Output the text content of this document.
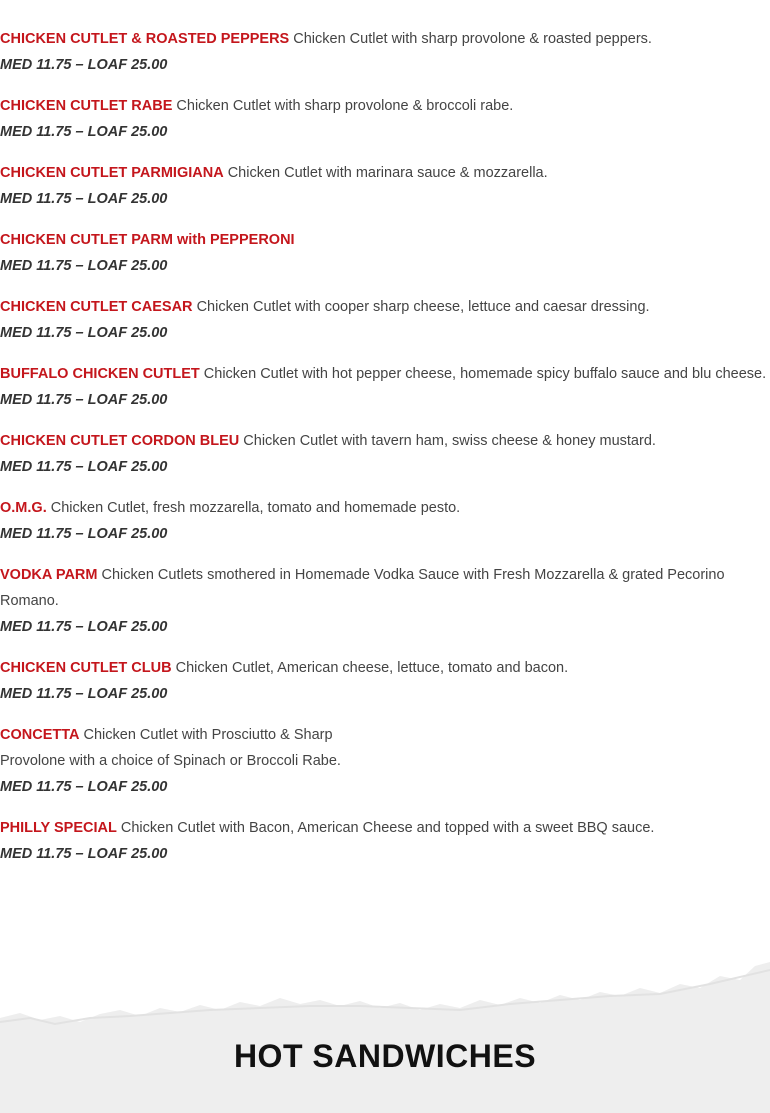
CHICKEN CUTLET & ROASTED PEPPERS Chicken Cutlet with sharp provolone & roasted peppers.
MED 11.75 – LOAF 25.00
CHICKEN CUTLET RABE Chicken Cutlet with sharp provolone & broccoli rabe.
MED 11.75 – LOAF 25.00
CHICKEN CUTLET PARMIGIANA Chicken Cutlet with marinara sauce & mozzarella.
MED 11.75 – LOAF 25.00
CHICKEN CUTLET PARM with PEPPERONI
MED 11.75 – LOAF 25.00
CHICKEN CUTLET CAESAR Chicken Cutlet with cooper sharp cheese, lettuce and caesar dressing.
MED 11.75 – LOAF 25.00
BUFFALO CHICKEN CUTLET Chicken Cutlet with hot pepper cheese, homemade spicy buffalo sauce and blu cheese.
MED 11.75 – LOAF 25.00
CHICKEN CUTLET CORDON BLEU Chicken Cutlet with tavern ham, swiss cheese & honey mustard.
MED 11.75 – LOAF 25.00
O.M.G. Chicken Cutlet, fresh mozzarella, tomato and homemade pesto.
MED 11.75 – LOAF 25.00
VODKA PARM Chicken Cutlets smothered in Homemade Vodka Sauce with Fresh Mozzarella & grated Pecorino Romano.
MED 11.75 – LOAF 25.00
CHICKEN CUTLET CLUB Chicken Cutlet, American cheese, lettuce, tomato and bacon.
MED 11.75 – LOAF 25.00
CONCETTA Chicken Cutlet with Prosciutto & Sharp
Provolone with a choice of Spinach or Broccoli Rabe.
MED 11.75 – LOAF 25.00
PHILLY SPECIAL Chicken Cutlet with Bacon, American Cheese and topped with a sweet BBQ sauce.
MED 11.75 – LOAF 25.00
HOT SANDWICHES
